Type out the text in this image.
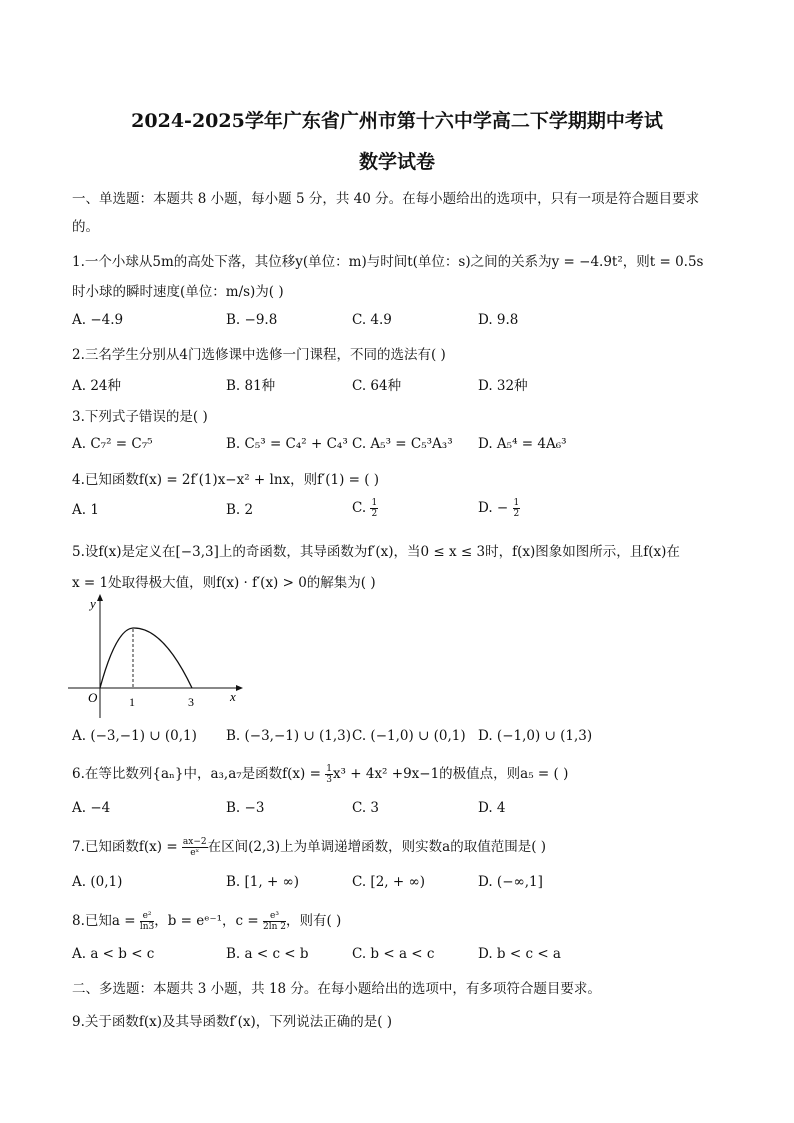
2024-2025学年广东省广州市第十六中学高二下学期期中考试
数学试卷
一、单选题：本题共 8 小题，每小题 5 分，共 40 分。在每小题给出的选项中，只有一项是符合题目要求
的。
1.一个小球从5m的高处下落，其位移y(单位：m)与时间t(单位：s)之间的关系为y = −4.9t²，则t = 0.5s
时小球的瞬时速度(单位：m/s)为( )
A. −4.9	B. −9.8	C. 4.9	D. 9.8
2.三名学生分别从4门选修课中选修一门课程，不同的选法有( )
A. 24种	B. 81种	C. 64种	D. 32种
3.下列式子错误的是( )
A. C₇² = C₇⁵	B. C₅³ = C₄² + C₄³ C. A₅³ = C₅³A₃³ D. A₅⁴ = 4A₆³
4.已知函数f(x) = 2f′(1)x−x² + lnx，则f′(1) = ( )
A. 1	B. 2	C. $\frac{1}{2}$	D. − $\frac{1}{2}$
5.设f(x)是定义在[−3,3]上的奇函数，其导函数为f′(x)，当0 ≤ x ≤ 3时，f(x)图象如图所示，且f(x)在
x = 1处取得极大值，则f(x) · f′(x) > 0的解集为( )
y
x
O	1	3
A. (−3,−1) ∪ (0,1) B. (−3,−1) ∪ (1,3) C. (−1,0) ∪ (0,1) D. (−1,0) ∪ (1,3)
6.在等比数列{aₙ}中，a₃,a₇是函数$f(x) = \frac{1}{3} x^3 + 4x^2 +9x-1$的极值点，则a₅ = ( )
A. −4	B. −3	C. 3	D. 4
7.已知函数$f(x) = \frac{ax-2}{\text{eˣ}}$ 在区间(2,3)上为单调递增函数，则实数a的取值范围是( )
A. (0,1)	B. [1, + ∞)	C. [2, + ∞)	D. (−∞,1]
8.已知$a = \frac{\text{e²}}{\ln 3}$ ，b = eᵉ⁻¹，$c = \frac{\text{e³}}{2\ln 2}$ ，则有( )
A. a < b < c	B. a < c < b	C. b < a < c	D. b < c < a
二、多选题：本题共 3 小题，共 18 分。在每小题给出的选项中，有多项符合题目要求。
9.关于函数f(x)及其导函数f′(x)，下列说法正确的是( )
